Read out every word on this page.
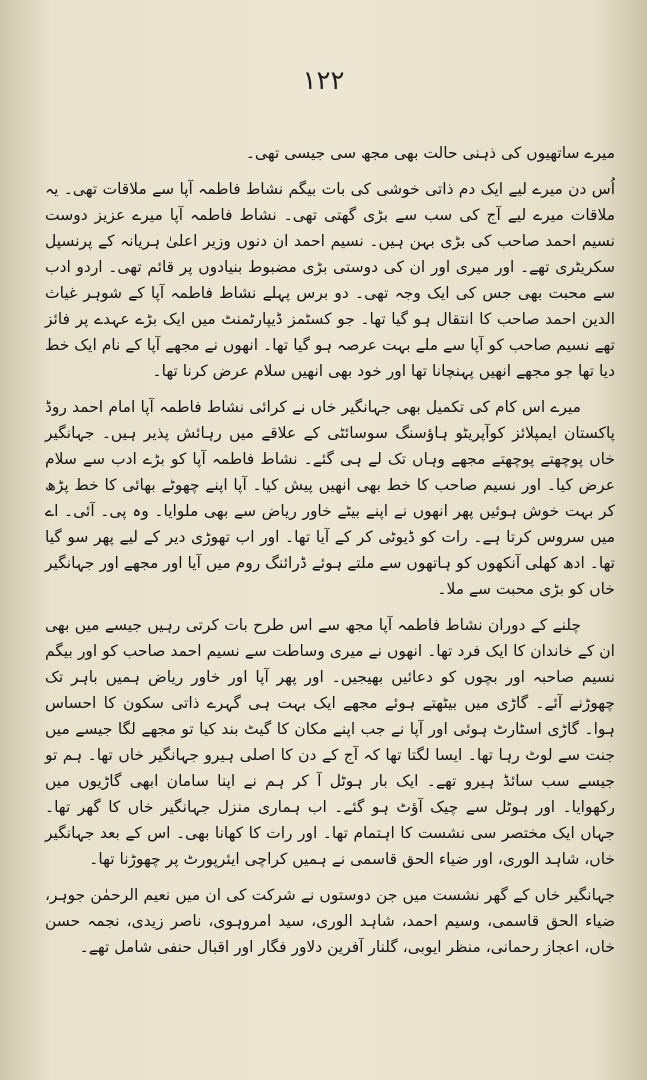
۱۲۲

میرے ساتھیوں کی ذہنی حالت بھی مجھ سی جیسی تھی۔

اُس دن میرے لیے ایک دم ذاتی خوشی کی بات بیگم نشاط فاطمہ آپا سے ملاقات تھی۔ یہ ملاقات میرے لیے آج کی سب سے بڑی گھتی تھی۔ نشاط فاطمہ آپا میرے عزیز دوست نسیم احمد صاحب کی بڑی بہن ہیں۔ نسیم احمد ان دنوں وزیر اعلیٰ ہریانہ کے پرنسپل سکریٹری تھے۔ اور میری اور ان کی دوستی بڑی مضبوط بنیادوں پر قائم تھی۔ اردو ادب سے محبت بھی جس کی ایک وجہ تھی۔ دو برس پہلے نشاط فاطمہ آپا کے شوہر غیاث الدین احمد صاحب کا انتقال ہو گیا تھا۔ جو کسٹمز ڈیپارٹمنٹ میں ایک بڑے عہدے پر فائز تھے نسیم صاحب کو آپا سے ملے بہت عرصہ ہو گیا تھا۔ انھوں نے مجھے آپا کے نام ایک خط دیا تھا جو مجھے انھیں پہنچانا تھا اور خود بھی انھیں سلام عرض کرنا تھا۔

میرے اس کام کی تکمیل بھی جہانگیر خاں نے کرائی نشاط فاطمہ آپا امام احمد روڈ پاکستان ایمپلائز کوآپریٹو ہاؤسنگ سوسائٹی کے علاقے میں رہائش پذیر ہیں۔ جہانگیر خاں پوچھتے پوچھتے مجھے وہاں تک لے ہی گئے۔ نشاط فاطمہ آپا کو بڑے ادب سے سلام عرض کیا۔ اور نسیم صاحب کا خط بھی انھیں پیش کیا۔ آپا اپنے چھوٹے بھائی کا خط پڑھ کر بہت خوش ہوئیں پھر انھوں نے اپنے بیٹے خاور ریاض سے بھی ملوایا۔ وہ پی۔ آئی۔ اے میں سروس کرتا ہے۔ رات کو ڈیوٹی کر کے آیا تھا۔ اور اب تھوڑی دیر کے لیے پھر سو گیا تھا۔ ادھ کھلی آنکھوں کو ہاتھوں سے ملتے ہوئے ڈرائنگ روم میں آیا اور مجھے اور جہانگیر خاں کو بڑی محبت سے ملا۔

چلنے کے دوران نشاط فاطمہ آپا مجھ سے اس طرح بات کرتی رہیں جیسے میں بھی ان کے خاندان کا ایک فرد تھا۔ انھوں نے میری وساطت سے نسیم احمد صاحب کو اور بیگم نسیم صاحبہ اور بچوں کو دعائیں بھیجیں۔ اور پھر آپا اور خاور ریاض ہمیں باہر تک چھوڑنے آئے۔ گاڑی میں بیٹھتے ہوئے مجھے ایک بہت ہی گہرے ذاتی سکون کا احساس ہوا۔ گاڑی اسٹارٹ ہوئی اور آپا نے جب اپنے مکان کا گیٹ بند کیا تو مجھے لگا جیسے میں جنت سے لوٹ رہا تھا۔ ایسا لگتا تھا کہ آج کے دن کا اصلی ہیرو جہانگیر خاں تھا۔ ہم تو جیسے سب سائڈ ہیرو تھے۔ ایک بار ہوٹل آ کر ہم نے اپنا سامان ابھی گاڑیوں میں رکھوایا۔ اور ہوٹل سے چیک آؤٹ ہو گئے۔ اب ہماری منزل جہانگیر خاں کا گھر تھا۔ جہاں ایک مختصر سی نشست کا اہتمام تھا۔ اور رات کا کھانا بھی۔ اس کے بعد جہانگیر خاں، شاہد الوری، اور ضیاء الحق قاسمی نے ہمیں کراچی ایئرپورٹ پر چھوڑنا تھا۔

جہانگیر خاں کے گھر نشست میں جن دوستوں نے شرکت کی ان میں نعیم الرحمٰن جوہر، ضیاء الحق قاسمی، وسیم احمد، شاہد الوری، سید امروہوی، ناصر زیدی، نجمہ حسن خاں، اعجاز رحمانی، منظر ایوبی، گلنار آفرین دلاور فگار اور اقبال حنفی شامل تھے۔
